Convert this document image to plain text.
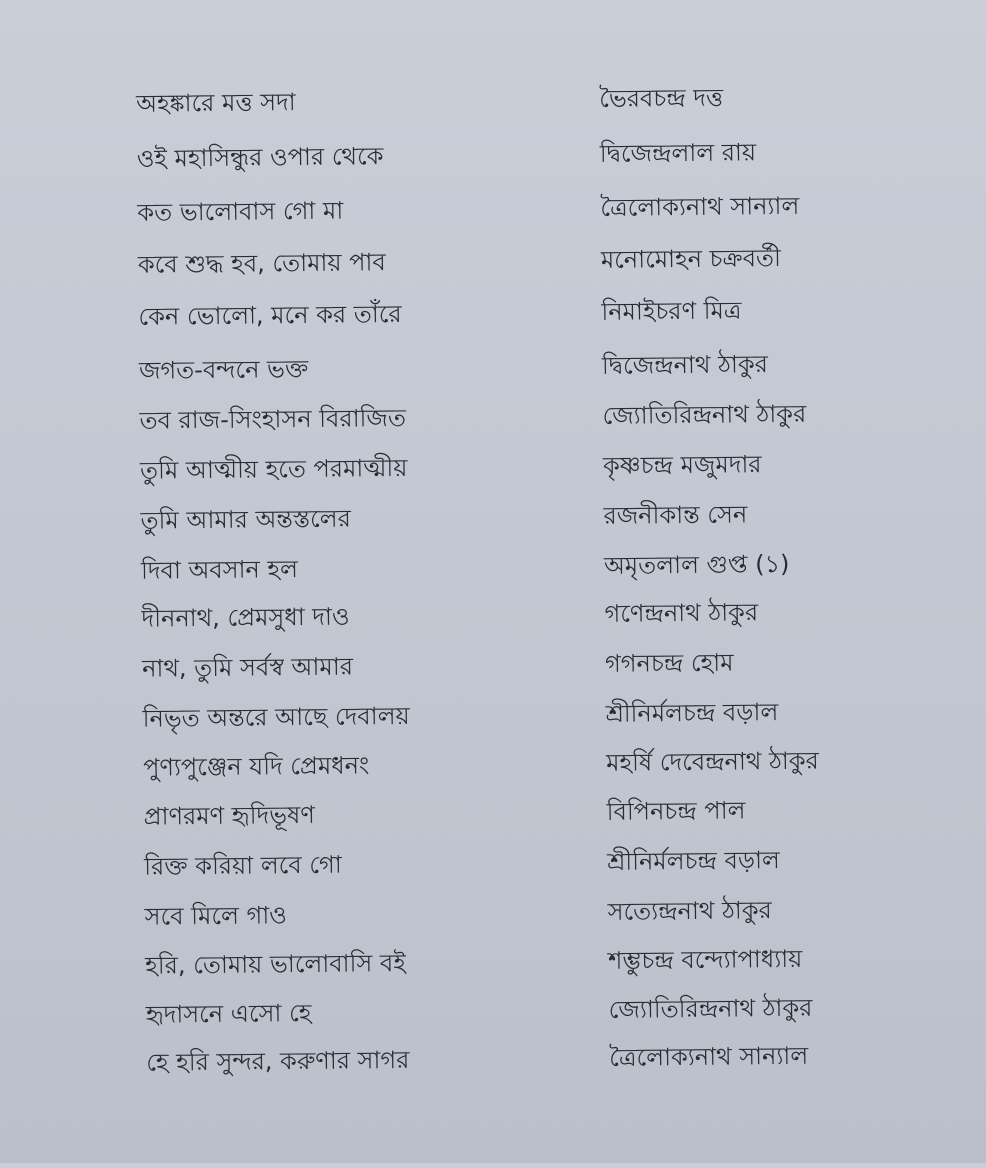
অহঙ্কারে মত্ত সদা	ভৈরবচন্দ্র দত্ত
ওই মহাসিন্ধুর ওপার থেকে	দ্বিজেন্দ্রলাল রায়
কত ভালোবাস গো মা	ত্রৈলোক্যনাথ সান্যাল
কবে শুদ্ধ হব, তোমায় পাব	মনোমোহন চক্রবর্তী
কেন ভোলো, মনে কর তাঁরে	নিমাইচরণ মিত্র
জগত-বন্দনে ভক্ত	দ্বিজেন্দ্রনাথ ঠাকুর
তব রাজ-সিংহাসন বিরাজিত	জ্যোতিরিন্দ্রনাথ ঠাকুর
তুমি আত্মীয় হতে পরমাত্মীয়	কৃষ্ণচন্দ্র মজুমদার
তুমি আমার অন্তস্তলের	রজনীকান্ত সেন
দিবা অবসান হল	অমৃতলাল গুপ্ত (১)
দীননাথ, প্রেমসুধা দাও	গণেন্দ্রনাথ ঠাকুর
নাথ, তুমি সর্বস্ব আমার	গগনচন্দ্র হোম
নিভৃত অন্তরে আছে দেবালয়	শ্রীনির্মলচন্দ্র বড়াল
পুণ্যপুঞ্জেন যদি প্রেমধনং	মহর্ষি দেবেন্দ্রনাথ ঠাকুর
প্রাণরমণ হৃদিভূষণ	বিপিনচন্দ্র পাল
রিক্ত করিয়া লবে গো	শ্রীনির্মলচন্দ্র বড়াল
সবে মিলে গাও	সত্যেন্দ্রনাথ ঠাকুর
হরি, তোমায় ভালোবাসি বই	শম্ভুচন্দ্র বন্দ্যোপাধ্যায়
হৃদাসনে এসো হে	জ্যোতিরিন্দ্রনাথ ঠাকুর
হে হরি সুন্দর, করুণার সাগর	ত্রৈলোক্যনাথ সান্যাল
